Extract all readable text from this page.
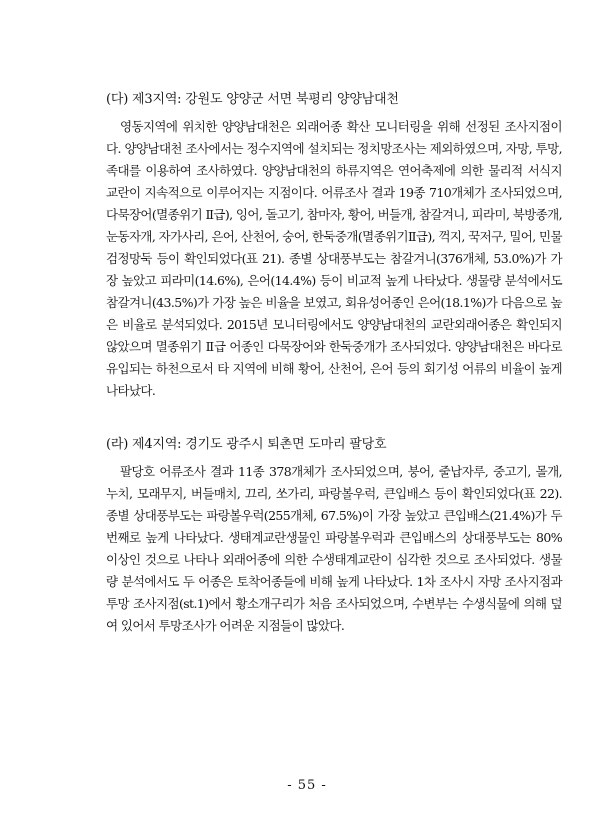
(다) 제3지역: 강원도 양양군 서면 북평리 양양남대천

영동지역에 위치한 양양남대천은 외래어종 확산 모니터링을 위해 선정된 조사지점이다. 양양남대천 조사에서는 정수지역에 설치되는 정치망조사는 제외하였으며, 자망, 투망, 족대를 이용하여 조사하였다. 양양남대천의 하류지역은 연어축제에 의한 물리적 서식지 교란이 지속적으로 이루어지는 지점이다. 어류조사 결과 19종 710개체가 조사되었으며, 다묵장어(멸종위기 Ⅱ급), 잉어, 돌고기, 참마자, 황어, 버들개, 참갈겨니, 피라미, 북방종개, 눈동자개, 자가사리, 은어, 산천어, 숭어, 한둑중개(멸종위기Ⅱ급), 꺽지, 꾹저구, 밀어, 민물검정망둑 등이 확인되었다(표 21). 종별 상대풍부도는 참갈겨니(376개체, 53.0%)가 가장 높았고 피라미(14.6%), 은어(14.4%) 등이 비교적 높게 나타났다. 생물량 분석에서도 참갈겨니(43.5%)가 가장 높은 비율을 보였고, 회유성어종인 은어(18.1%)가 다음으로 높은 비율로 분석되었다. 2015년 모니터링에서도 양양남대천의 교란외래어종은 확인되지 않았으며 멸종위기 Ⅱ급 어종인 다묵장어와 한둑중개가 조사되었다. 양양남대천은 바다로 유입되는 하천으로서 타 지역에 비해 황어, 산천어, 은어 등의 회기성 어류의 비율이 높게 나타났다.

(라) 제4지역: 경기도 광주시 퇴촌면 도마리 팔당호

팔당호 어류조사 결과 11종 378개체가 조사되었으며, 붕어, 줄납자루, 중고기, 몰개, 누치, 모래무지, 버들매치, 끄리, 쏘가리, 파랑볼우럭, 큰입배스 등이 확인되었다(표 22). 종별 상대풍부도는 파랑볼우럭(255개체, 67.5%)이 가장 높았고 큰입배스(21.4%)가 두 번째로 높게 나타났다. 생태계교란생물인 파랑볼우럭과 큰입배스의 상대풍부도는 80% 이상인 것으로 나타나 외래어종에 의한 수생태계교란이 심각한 것으로 조사되었다. 생물량 분석에서도 두 어종은 토착어종들에 비해 높게 나타났다. 1차 조사시 자망 조사지점과 투망 조사지점(st.1)에서 황소개구리가 처음 조사되었으며, 수변부는 수생식물에 의해 덮여 있어서 투망조사가 어려운 지점들이 많았다.

- 55 -
